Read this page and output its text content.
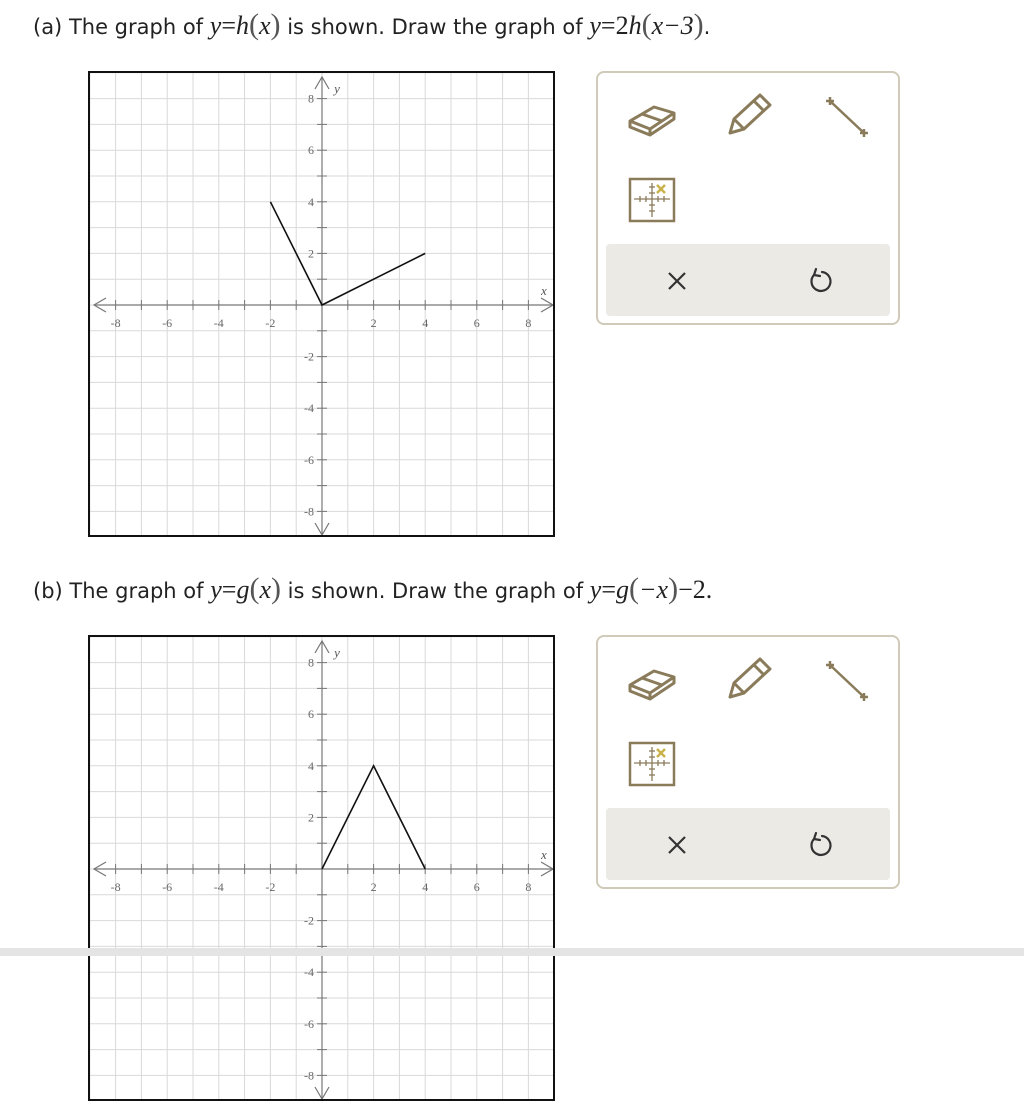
(a) The graph of y=h(x) is shown. Draw the graph of y=2h(x−3).
-8	-6	-4	-2	2	4	6	8
8
6
4
2
-2
-4
-6
-8
x
y
(b) The graph of y=g(x) is shown. Draw the graph of y=g(−x)−2.
-8	-6	-4	-2	2	4	6	8
8
6
4
2
-2
-4
-6
-8
x
y
